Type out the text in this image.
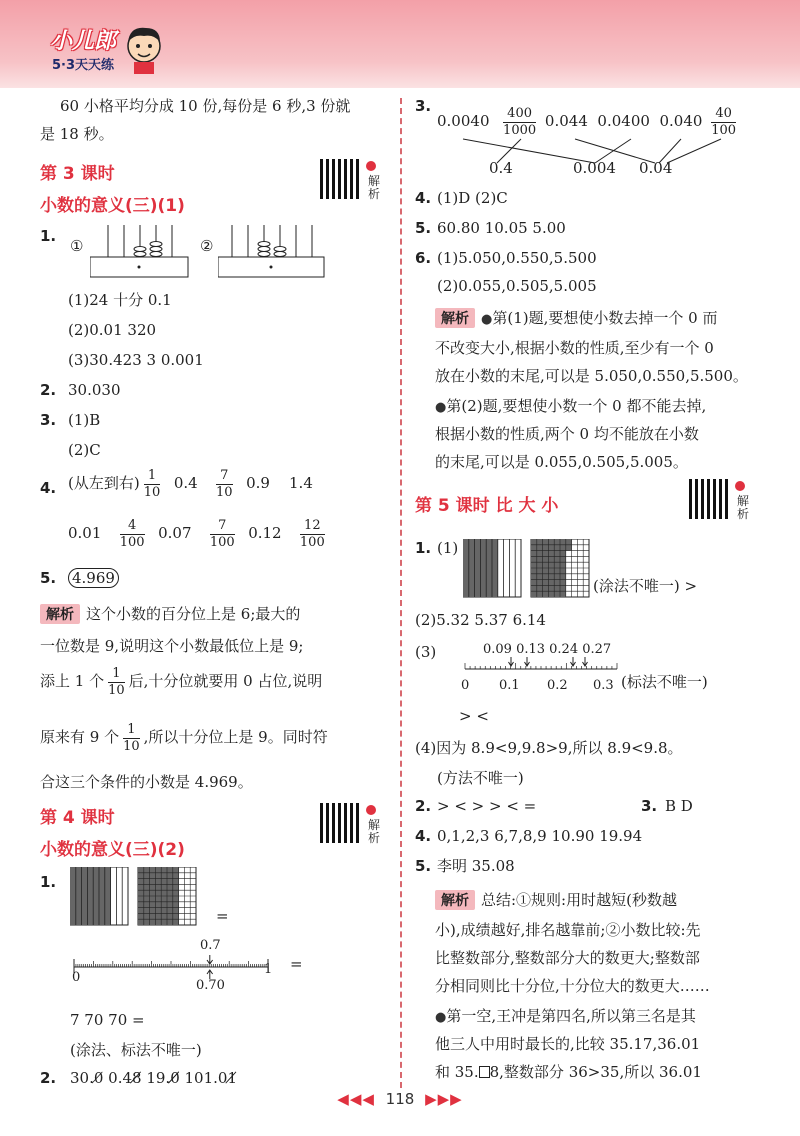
小儿郎
5·3天天练
60 小格平均分成 10 份,每份是 6 秒,3 份就
是 18 秒。
第 3 课时
小数的意义(三)(1)
解析
1.
①	②
(1)24 十分 0.1
(2)0.01 320
(3)30.423 3 0.001
2. 30.030
3. (1)B
(2)C
4. (从左到右) $\frac{1}{10} 0.4 \frac{7}{10} 0.9$ 1.4
$0.01 \frac{4}{100} 0.07 \frac{7}{100} 0.12 \frac{12}{100}$
5. 4.969
解析 这个小数的百分位上是 6;最大的
一位数是 9,说明这个小数最低位上是 9;
添上 1 个 $\frac{1}{10}$ 后,十分位就要用 0 占位,说明
原来有 9 个 $\frac{1}{10}$ ,所以十分位上是 9。同时符
合这三个条件的小数是 4.969。
第 4 课时
小数的意义(三)(2)
解析
1.
=
0.7
0
1
0.70
=
7 70 70 =
(涂法、标法不唯一)
2. 30.0̸ 0.48̸̸ 19.0̸̸̸̸ 101.01̸̸
3.
$0.0040 \frac{400}{1000} 0.044$ 0.0400 $0.040 \frac{40}{100}$
0.4	0.004 0.04
4. (1)D (2)C
5. 60.80 10.05 5.00
6. (1)5.050,0.550,5.500
(2)0.055,0.505,5.005
解析 ●第(1)题,要想使小数去掉一个 0 而
不改变大小,根据小数的性质,至少有一个 0
放在小数的末尾,可以是 5.050,0.550,5.500。
●第(2)题,要想使小数一个 0 都不能去掉,
根据小数的性质,两个 0 均不能放在小数
的末尾,可以是 0.055,0.505,5.005。
第 5 课时 比 大 小	解析
1. (1)
(涂法不唯一) >
(2)5.32 5.37 6.14
(3)	0.09 0.13 0.24 0.27
0 0.1 0.2 0.3 (标法不唯一)
> <
(4)因为 8.9<9,9.8>9,所以 8.9<9.8。
(方法不唯一)
2. > < > > < =	3. B D
4. 0,1,2,3 6,7,8,9 10.90 19.94
5. 李明 35.08
解析 总结:①规则:用时越短(秒数越
小),成绩越好,排名越靠前;②小数比较:先
比整数部分,整数部分大的数更大;整数部
分相同则比十分位,十分位大的数更大……
●第一空,王冲是第四名,所以第三名是其
他三人中用时最长的,比较 35.17,36.01
和 35. 8,整数部分 36>35,所以 36.01
◀◀◀ 118 ▶▶▶
